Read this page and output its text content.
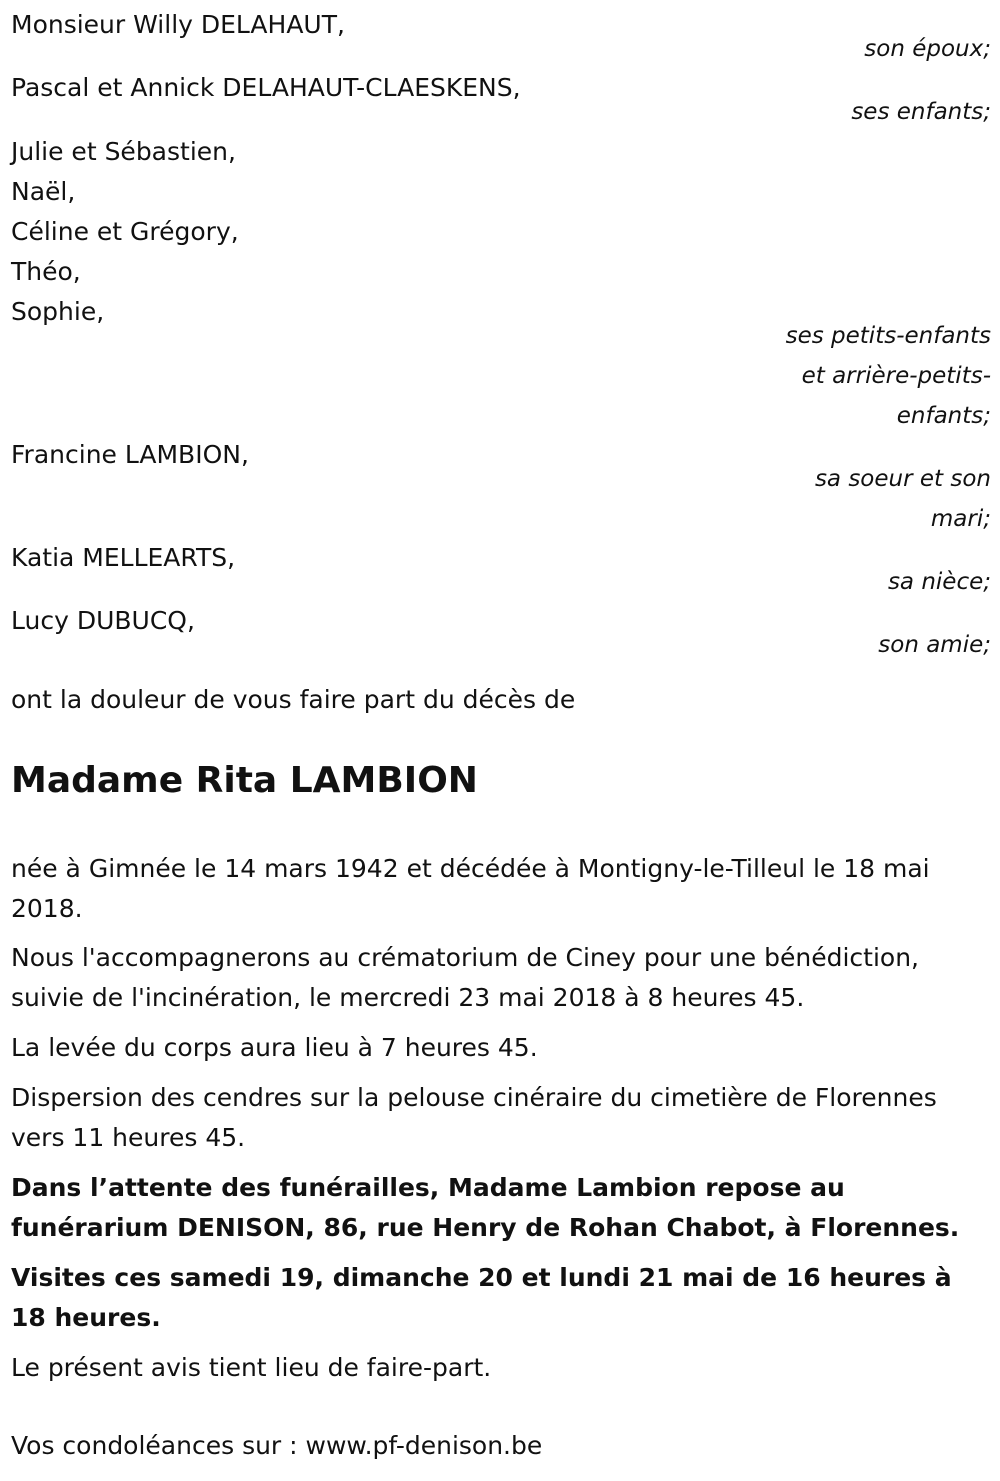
Monsieur Willy DELAHAUT,
son époux;
Pascal et Annick DELAHAUT-CLAESKENS,
ses enfants;
Julie et Sébastien,
Naël,
Céline et Grégory,
Théo,
Sophie,
ses petits-enfants
et arrière-petits-
enfants;
Francine LAMBION,
sa soeur et son
mari;
Katia MELLEARTS,
sa nièce;
Lucy DUBUCQ,
son amie;
ont la douleur de vous faire part du décès de
Madame Rita LAMBION
née à Gimnée le 14 mars 1942 et décédée à Montigny-le-Tilleul le 18 mai 2018.
Nous l'accompagnerons au crématorium de Ciney pour une bénédiction, suivie de l'incinération, le mercredi 23 mai 2018 à 8 heures 45.
La levée du corps aura lieu à 7 heures 45.
Dispersion des cendres sur la pelouse cinéraire du cimetière de Florennes vers 11 heures 45.
Dans l’attente des funérailles, Madame Lambion repose au funérarium DENISON, 86, rue Henry de Rohan Chabot, à Florennes.
Visites ces samedi 19, dimanche 20 et lundi 21 mai de 16 heures à 18 heures.
Le présent avis tient lieu de faire-part.
Vos condoléances sur : www.pf-denison.be
